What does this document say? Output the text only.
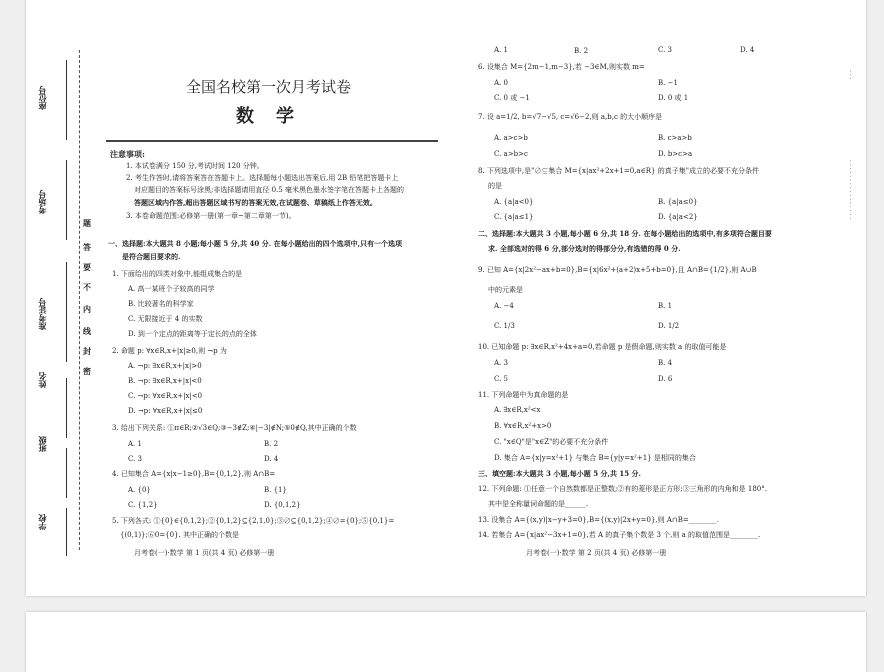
座位号
考场号
准考证号
姓名
班级
学校
题
答
要
不
内
线
封
密
全国名校第一次月考试卷
数学
注意事项:
1. 本试卷满分 150 分,考试时间 120 分钟。
2. 考生作答时,请将答案答在答题卡上。选择题每小题选出答案后,用 2B 铅笔把答题卡上
对应题目的答案标号涂黑;非选择题请用直径 0.5 毫米黑色墨水签字笔在答题卡上各题的
答题区域内作答,超出答题区域书写的答案无效,在试题卷、草稿纸上作答无效。
3. 本卷命题范围:必修第一册(第一章~第二章第一节)。
一、选择题:本大题共 8 小题;每小题 5 分,共 40 分. 在每小题给出的四个选项中,只有一个选项
是符合题目要求的.
1. 下面给出的四类对象中,能组成集合的是
A. 高一某班个子较高的同学
B. 比较著名的科学家
C. 无限接近于 4 的实数
D. 到一个定点的距离等于定长的点的全体
2. 命题 p: ∀x∈R,x+|x|≥0,则 ¬p 为
A. ¬p: ∃x∈R,x+|x|>0
B. ¬p: ∃x∈R,x+|x|<0
C. ¬p: ∀x∈R,x+|x|<0
D. ¬p: ∀x∈R,x+|x|≤0
3. 给出下列关系: ①π∈R;②√3∈Q;③−3∉Z;④|−3|∉N;⑤0∉Q,其中正确的个数
A. 1	B. 2
C. 3	D. 4
4. 已知集合 A={x|x−1≥0},B={0,1,2},则 A∩B=
A. {0}	B. {1}
C. {1,2}	D. {0,1,2}
5. 下列各式: ①{0}∈{0,1,2};②{0,1,2}⊆{2,1,0};③∅⊆{0,1,2};④∅={0};⑤{0,1}=
{(0,1)};⑥0={0}. 其中正确的个数是
月考卷(一)·数学 第 1 页(共 4 页) 必修第一册
A. 1	B. 2	C. 3	D. 4
6. 设集合 M={2m−1,m−3},若 −3∈M,则实数 m=
A. 0	B. −1
C. 0 或 −1	D. 0 或 1
7. 设 a=1/2, b=√7−√5, c=√6−2,则 a,b,c 的大小顺序是
A. a>c>b	B. c>a>b
C. a>b>c	D. b>c>a
8. 下列选项中,是"∅⊊集合 M={x|ax²+2x+1=0,a∈R} 的真子集"成立的必要不充分条件
的是
A. {a|a<0}	B. {a|a≤0}
C. {a|a≤1}	D. {a|a<2}
二、选择题:本大题共 3 小题,每小题 6 分,共 18 分. 在每小题给出的选项中,有多项符合题目要
求. 全部选对的得 6 分,部分选对的得部分分,有选错的得 0 分.
9. 已知 A={x|2x²−ax+b=0},B={x|6x²+(a+2)x+5+b=0},且 A∩B={1/2},则 A∪B
中的元素是
A. −4	B. 1
C. 1/3	D. 1/2
10. 已知命题 p: ∃x∈R,x²+4x+a=0,若命题 p 是假命题,则实数 a 的取值可能是
A. 3	B. 4
C. 5	D. 6
11. 下列命题中为真命题的是
A. ∃x∈R,x²<x
B. ∀x∈R,x²+x>0
C. "x∈Q"是"x∈Z"的必要不充分条件
D. 集合 A={x|y=x²+1} 与集合 B={y|y=x²+1} 是相同的集合
三、填空题:本大题共 3 小题,每小题 5 分,共 15 分.
12. 下列命题: ①任意一个自然数都是正整数;②有的菱形是正方形;③三角形的内角和是 180°.
其中是全称量词命题的是______.
13. 设集合 A={(x,y)|x−y+3=0},B={(x,y)|2x+y=0},则 A∩B=________.
14. 若集合 A={x|ax²−3x+1=0},若 A 的真子集个数是 3 个,则 a 的取值范围是________.
月考卷(一)·数学 第 2 页(共 4 页) 必修第一册
· · ·
· · · · · · · · · · · · · · · ·
